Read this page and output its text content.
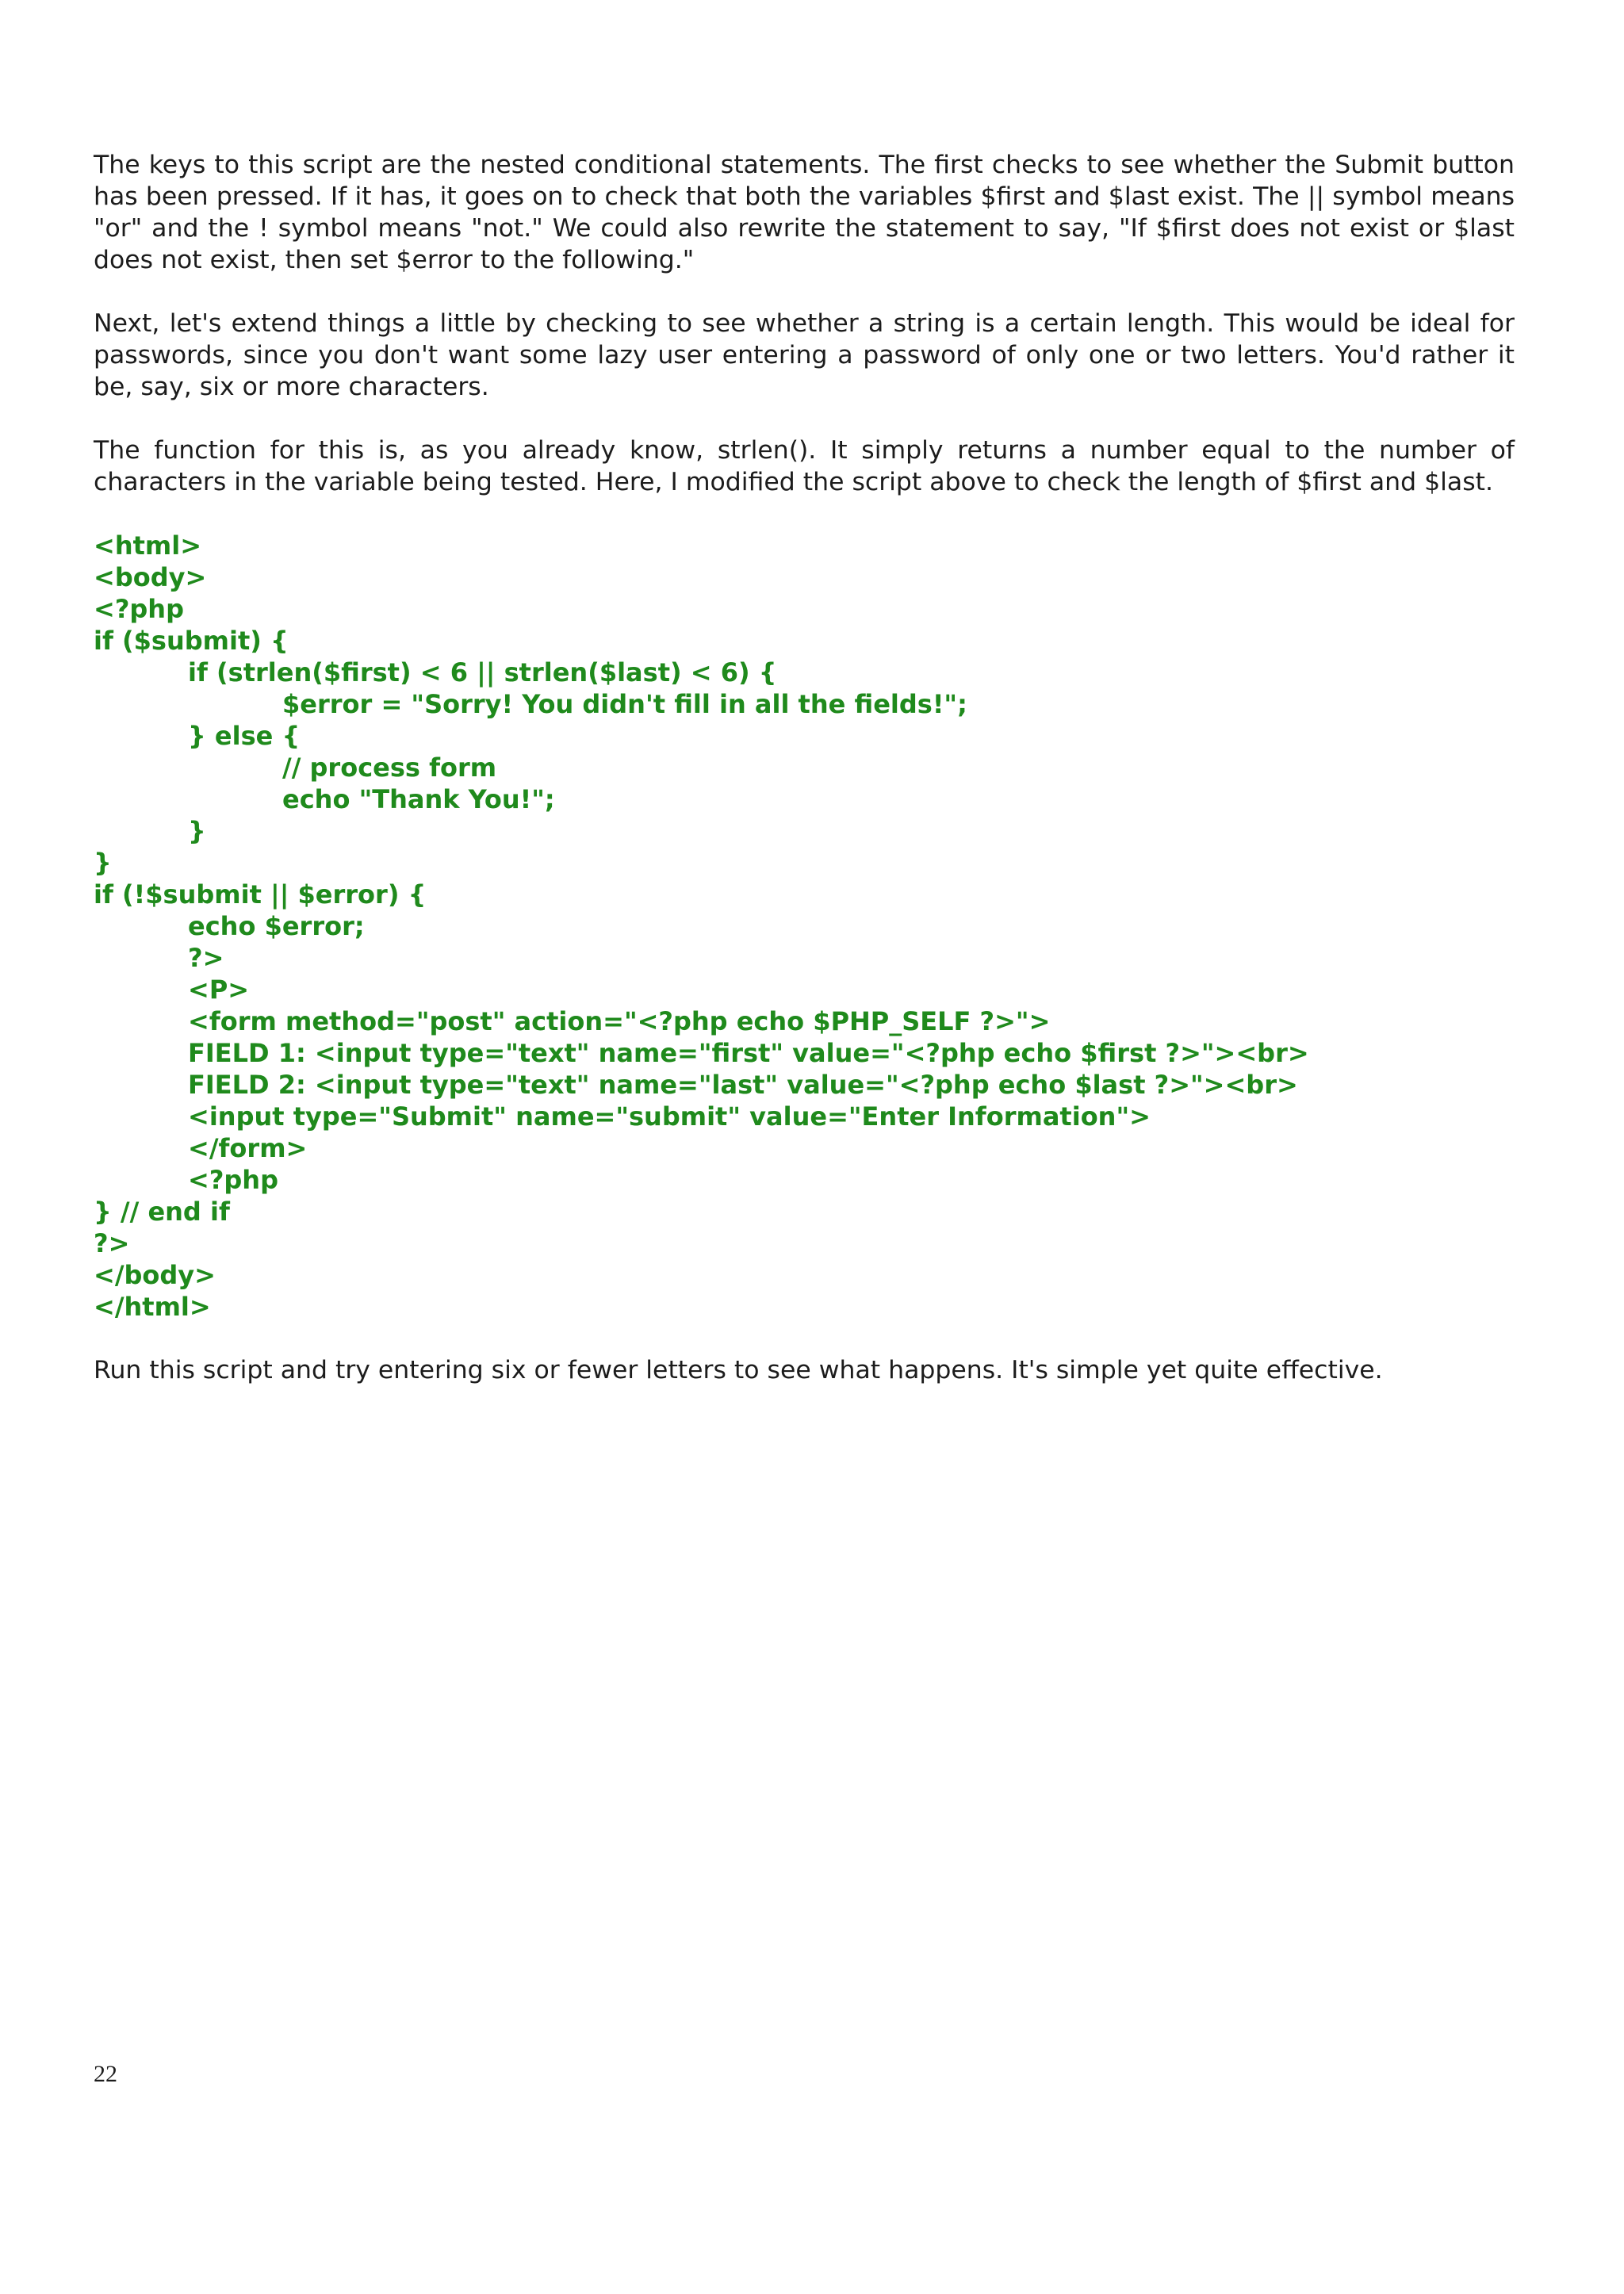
The keys to this script are the nested conditional statements. The first checks to see whether the Submit button has been pressed. If it has, it goes on to check that both the variables $first and $last exist. The || symbol means "or" and the ! symbol means "not." We could also rewrite the statement to say, "If $first does not exist or $last does not exist, then set $error to the following."

Next, let's extend things a little by checking to see whether a string is a certain length. This would be ideal for passwords, since you don't want some lazy user entering a password of only one or two letters. You'd rather it be, say, six or more characters.

The function for this is, as you already know, strlen(). It simply returns a number equal to the number of characters in the variable being tested. Here, I modified the script above to check the length of $first and $last.

<html>
<body>
<?php
if ($submit) {
if (strlen($first) < 6 || strlen($last) < 6) {
$error = "Sorry! You didn't fill in all the fields!";
} else {
// process form
echo "Thank You!";
}
}
if (!$submit || $error) {
echo $error;
?>
<P>
<form method="post" action="<?php echo $PHP_SELF ?>">
FIELD 1: <input type="text" name="first" value="<?php echo $first ?>"><br>
FIELD 2: <input type="text" name="last" value="<?php echo $last ?>"><br>
<input type="Submit" name="submit" value="Enter Information">
</form>
<?php
} // end if
?>
</body>
</html>

Run this script and try entering six or fewer letters to see what happens. It's simple yet quite effective.

22
